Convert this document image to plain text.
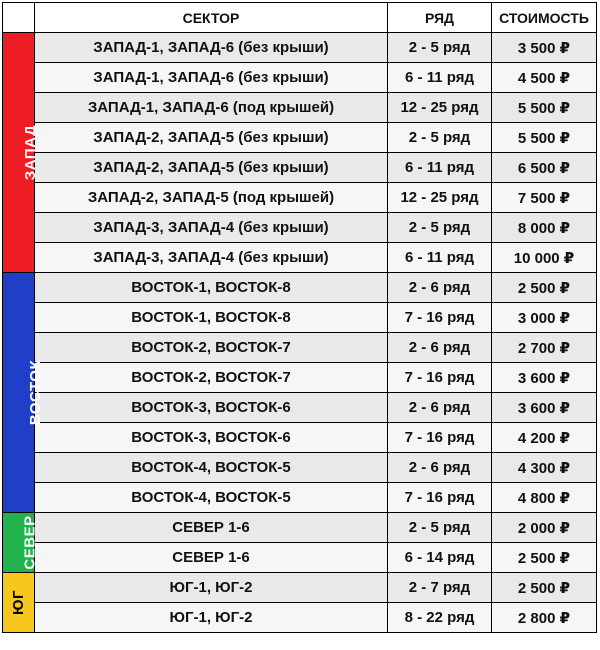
	СЕКТОР	РЯД	СТОИМОСТЬ
ЗАПАД	ЗАПАД-1, ЗАПАД-6 (без крыши)	2 - 5 ряд	3 500 ₽
	ЗАПАД-1, ЗАПАД-6 (без крыши)	6 - 11 ряд	4 500 ₽
	ЗАПАД-1, ЗАПАД-6 (под крышей)	12 - 25 ряд	5 500 ₽
	ЗАПАД-2, ЗАПАД-5 (без крыши)	2 - 5 ряд	5 500 ₽
	ЗАПАД-2, ЗАПАД-5 (без крыши)	6 - 11 ряд	6 500 ₽
	ЗАПАД-2, ЗАПАД-5 (под крышей)	12 - 25 ряд	7 500 ₽
	ЗАПАД-3, ЗАПАД-4 (без крыши)	2 - 5 ряд	8 000 ₽
	ЗАПАД-3, ЗАПАД-4 (без крыши)	6 - 11 ряд	10 000 ₽
ВОСТОК	ВОСТОК-1, ВОСТОК-8	2 - 6 ряд	2 500 ₽
	ВОСТОК-1, ВОСТОК-8	7 - 16 ряд	3 000 ₽
	ВОСТОК-2, ВОСТОК-7	2 - 6 ряд	2 700 ₽
	ВОСТОК-2, ВОСТОК-7	7 - 16 ряд	3 600 ₽
	ВОСТОК-3, ВОСТОК-6	2 - 6 ряд	3 600 ₽
	ВОСТОК-3, ВОСТОК-6	7 - 16 ряд	4 200 ₽
	ВОСТОК-4, ВОСТОК-5	2 - 6 ряд	4 300 ₽
	ВОСТОК-4, ВОСТОК-5	7 - 16 ряд	4 800 ₽
СЕВЕР	СЕВЕР 1-6	2 - 5 ряд	2 000 ₽
	СЕВЕР 1-6	6 - 14 ряд	2 500 ₽
ЮГ	ЮГ-1, ЮГ-2	2 - 7 ряд	2 500 ₽
	ЮГ-1, ЮГ-2	8 - 22 ряд	2 800 ₽
